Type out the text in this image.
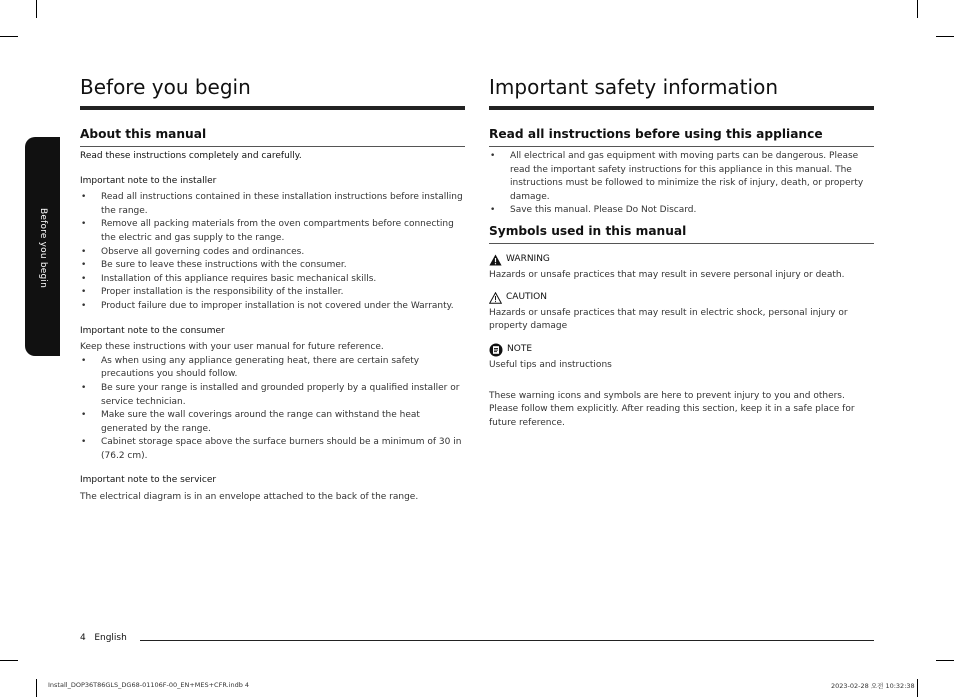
Before you begin
Before you begin
About this manual

Read these instructions completely and carefully.

Important note to the installer

• Read all instructions contained in these installation instructions before installing the range.
• Remove all packing materials from the oven compartments before connecting the electric and gas supply to the range.
• Observe all governing codes and ordinances.
• Be sure to leave these instructions with the consumer.
• Installation of this appliance requires basic mechanical skills.
• Proper installation is the responsibility of the installer.
• Product failure due to improper installation is not covered under the Warranty.

Important note to the consumer

Keep these instructions with your user manual for future reference.

• As when using any appliance generating heat, there are certain safety precautions you should follow.
• Be sure your range is installed and grounded properly by a qualified installer or service technician.
• Make sure the wall coverings around the range can withstand the heat generated by the range.
• Cabinet storage space above the surface burners should be a minimum of 30 in (76.2 cm).

Important note to the servicer

The electrical diagram is in an envelope attached to the back of the range.

Important safety information
Read all instructions before using this appliance
• All electrical and gas equipment with moving parts can be dangerous. Please read the important safety instructions for this appliance in this manual. The instructions must be followed to minimize the risk of injury, death, or property damage.
• Save this manual. Please Do Not Discard.
Symbols used in this manual
WARNING

Hazards or unsafe practices that may result in severe personal injury or death.

CAUTION

Hazards or unsafe practices that may result in electric shock, personal injury or property damage

NOTE

Useful tips and instructions

These warning icons and symbols are here to prevent injury to you and others. Please follow them explicitly. After reading this section, keep it in a safe place for future reference.

4 English
Install_DOP36T86GLS_DG68-01106F-00_EN+MES+CFR.indb 4	2023-02-28 오전 10:32:38
